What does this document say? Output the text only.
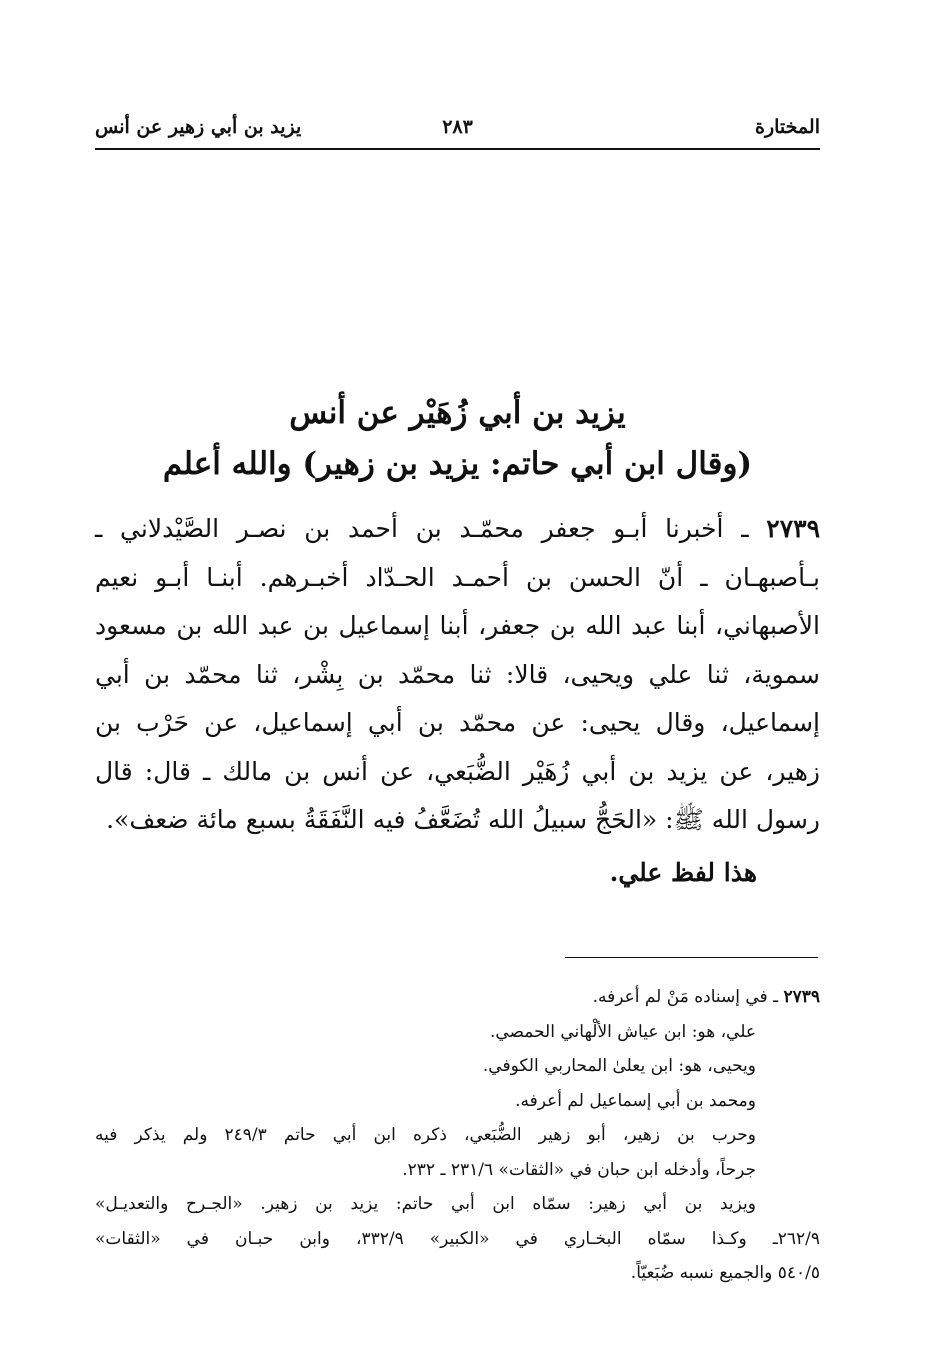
المختارة
٢٨٣
يزيد بن أبي زهير عن أنس

يزيد بن أبي زُهَيْر عن أنس

(وقال ابن أبي حاتم: يزيد بن زهير) والله أعلم

٢٧٣٩ ـ أخبرنا أبـو جعفر محمّـد بن أحمد بن نصـر الصَّيْدلاني ـ
بـأصبهـان ـ أنّ الحسن بن أحمـد الحـدّاد أخبـرهم. أبنـا أبـو نعيم
الأصبهاني، أبنا عبد الله بن جعفر، أبنا إسماعيل بن عبد الله بن مسعود
سموية، ثنا علي ويحيى، قالا: ثنا محمّد بن بِشْر، ثنا محمّد بن أبي
إسماعيل، وقال يحيى: عن محمّد بن أبي إسماعيل، عن حَرْب بن
زهير، عن يزيد بن أبي زُهَيْر الضُّبَعي، عن أنس بن مالك ـ قال: قال
رسول الله ﷺ: «الحَجُّ سبيلُ الله تُضَعَّفُ فيه النَّفَقَةُ بسبع مائة ضعف».
هذا لفظ علي.
٢٧٣٩ ـ في إسناده مَنْ لم أعرفه.
علي، هو: ابن عياش الألْهاني الحمصي.
ويحيى، هو: ابن يعلىٰ المحاربي الكوفي.
ومحمد بن أبي إسماعيل لم أعرفه.
وحرب بن زهير، أبو زهير الضُّبَعي، ذكره ابن أبي حاتم ٢٤٩/٣ ولم يذكر فيه
جرحاً، وأدخله ابن حبان في «الثقات» ٢٣١/٦ ـ ٢٣٢.
ويزيد بن أبي زهير: سمّاه ابن أبي حاتم: يزيد بن زهير. «الجـرح والتعديـل»
٢٦٢/٩ـ وكـذا سمّاه البخـاري في «الكبير» ٣٣٢/٩، وابن حبـان في «الثقات»
٥٤٠/٥ والجميع نسبه ضُبَعيّاً.
